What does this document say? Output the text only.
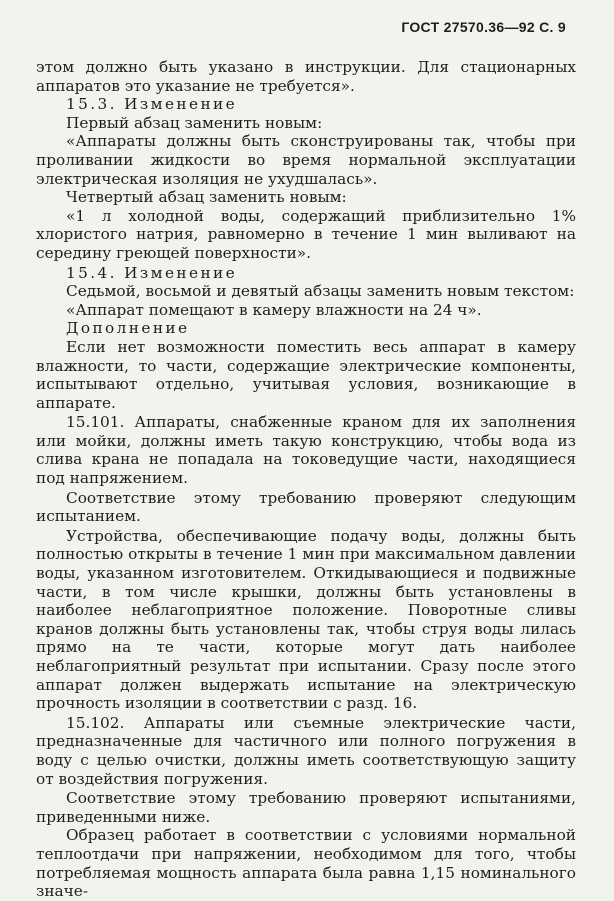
ГОСТ 27570.36—92 С. 9

этом должно быть указано в инструкции. Для стационарных аппаратов это указание не требуется».

15.3. Изменение

Первый абзац заменить новым:

«Аппараты должны быть сконструированы так, чтобы при проливании жидкости во время нормальной эксплуатации электрическая изоляция не ухудшалась».

Четвертый абзац заменить новым:

«1 л холодной воды, содержащий приблизительно 1% хлористого натрия, равномерно в течение 1 мин выливают на середину греющей поверхности».

15.4. Изменение

Седьмой, восьмой и девятый абзацы заменить новым текстом:

«Аппарат помещают в камеру влажности на 24 ч».

Дополнение

Если нет возможности поместить весь аппарат в камеру влажности, то части, содержащие электрические компоненты, испытывают отдельно, учитывая условия, возникающие в аппарате.

15.101. Аппараты, снабженные краном для их заполнения или мойки, должны иметь такую конструкцию, чтобы вода из слива крана не попадала на токоведущие части, находящиеся под напряжением.

Соответствие этому требованию проверяют следующим испытанием.

Устройства, обеспечивающие подачу воды, должны быть полностью открыты в течение 1 мин при максимальном давлении воды, указанном изготовителем. Откидывающиеся и подвижные части, в том числе крышки, должны быть установлены в наиболее неблагоприятное положение. Поворотные сливы кранов должны быть установлены так, чтобы струя воды лилась прямо на те части, которые могут дать наиболее неблагоприятный результат при испытании. Сразу после этого аппарат должен выдержать испытание на электрическую прочность изоляции в соответствии с разд. 16.

15.102. Аппараты или съемные электрические части, предназначенные для частичного или полного погружения в воду с целью очистки, должны иметь соответствующую защиту от воздействия погружения.

Соответствие этому требованию проверяют испытаниями, приведенными ниже.

Образец работает в соответствии с условиями нормальной теплоотдачи при напряжении, необходимом для того, чтобы потребляемая мощность аппарата была равна 1,15 номинального значе-
